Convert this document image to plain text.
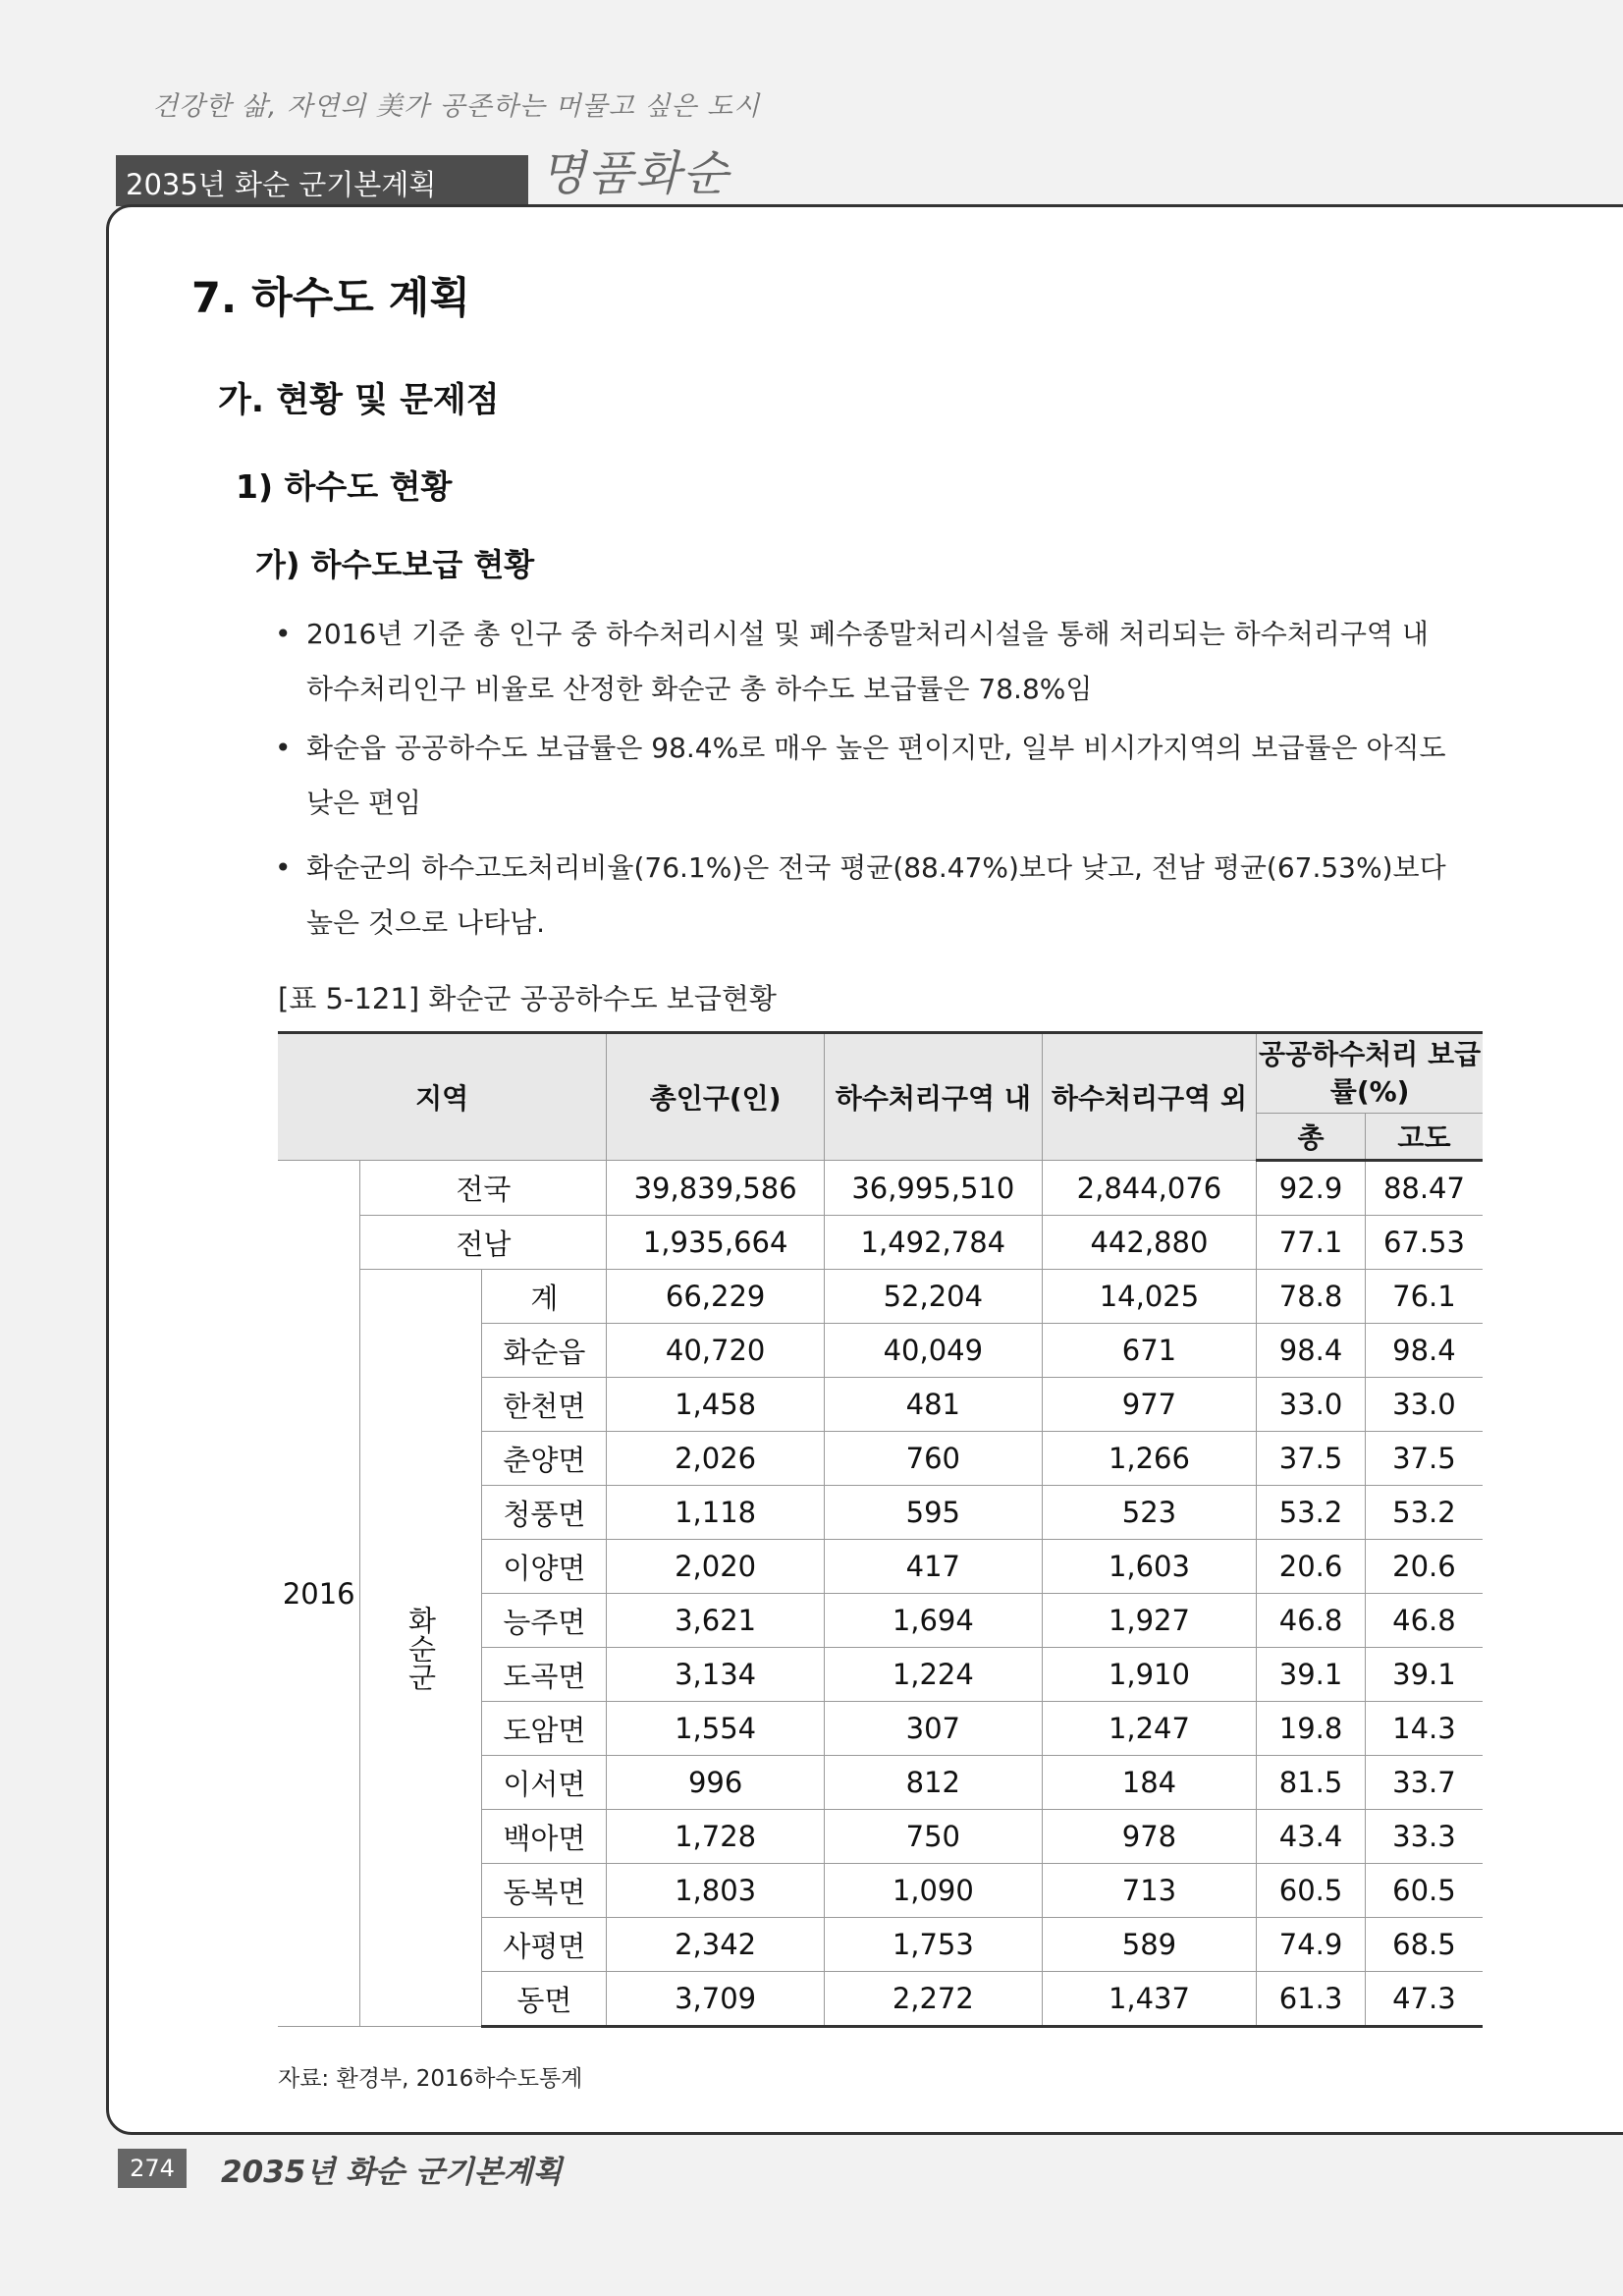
건강한 삶, 자연의 美가 공존하는 머물고 싶은 도시
2035년 화순 군기본계획 명품화순
7. 하수도 계획
가. 현황 및 문제점
1) 하수도 현황
가) 하수도보급 현황
• 2016년 기준 총 인구 중 하수처리시설 및 폐수종말처리시설을 통해 처리되는 하수처리구역 내 하수처리인구 비율로 산정한 화순군 총 하수도 보급률은 78.8%임
• 화순읍 공공하수도 보급률은 98.4%로 매우 높은 편이지만, 일부 비시가지역의 보급률은 아직도 낮은 편임
• 화순군의 하수고도처리비율(76.1%)은 전국 평균(88.47%)보다 낮고, 전남 평균(67.53%)보다 높은 것으로 나타남.
[표 5-121] 화순군 공공하수도 보급현황
지역			총인구(인)	하수처리구역 내	하수처리구역 외	공공하수처리 보급률(%)	
						총	고도
2016	전국		39,839,586	36,995,510	2,844,076	92.9	88.47
	전남		1,935,664	1,492,784	442,880	77.1	67.53
	화순군	계	66,229	52,204	14,025	78.8	76.1
		화순읍	40,720	40,049	671	98.4	98.4
		한천면	1,458	481	977	33.0	33.0
		춘양면	2,026	760	1,266	37.5	37.5
		청풍면	1,118	595	523	53.2	53.2
		이양면	2,020	417	1,603	20.6	20.6
		능주면	3,621	1,694	1,927	46.8	46.8
		도곡면	3,134	1,224	1,910	39.1	39.1
		도암면	1,554	307	1,247	19.8	14.3
		이서면	996	812	184	81.5	33.7
		백아면	1,728	750	978	43.4	33.3
		동복면	1,803	1,090	713	60.5	60.5
		사평면	2,342	1,753	589	74.9	68.5
		동면	3,709	2,272	1,437	61.3	47.3
자료: 환경부, 2016하수도통계
274	2035년 화순 군기본계획
